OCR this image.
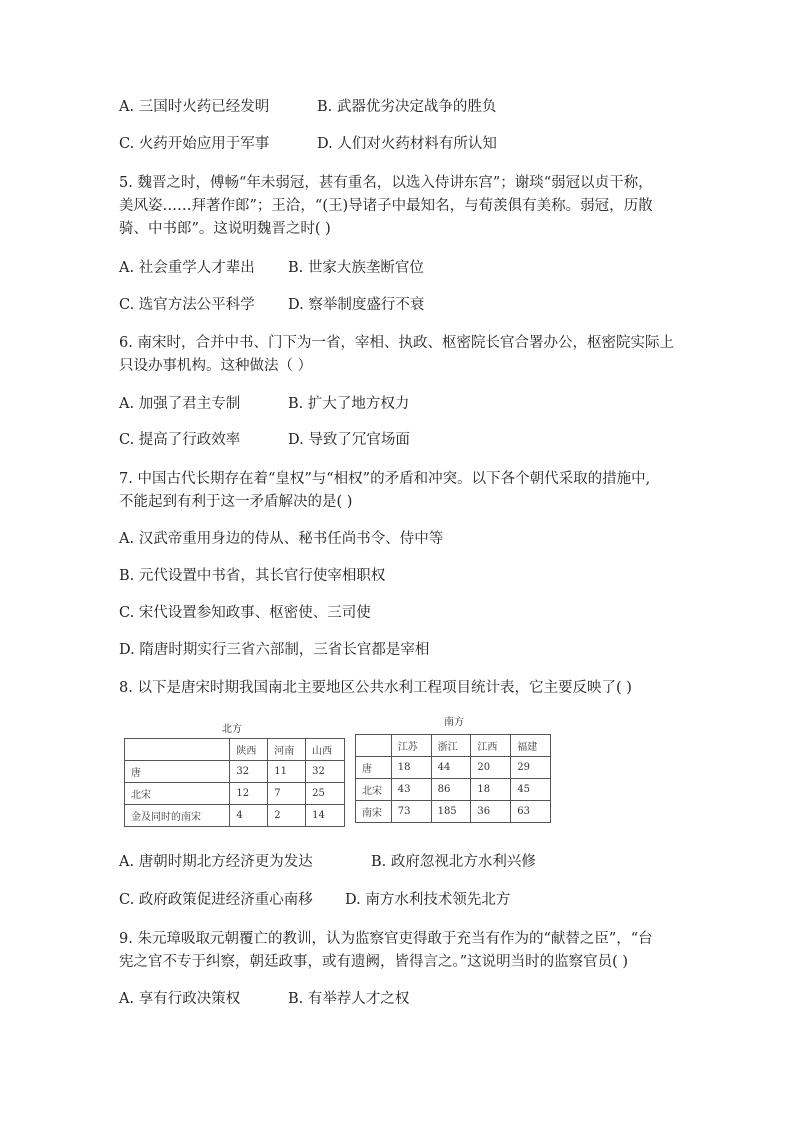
A. 三国时火药已经发明	B. 武器优劣决定战争的胜负
C. 火药开始应用于军事	D. 人们对火药材料有所认知
5. 魏晋之时，傅畅“年未弱冠，甚有重名，以选入侍讲东宫”；谢琰“弱冠以贞干称，
美风姿……拜著作郎”；王洽，“(王)导诸子中最知名，与荀羡俱有美称。弱冠，历散
骑、中书郎”。这说明魏晋之时( )
A. 社会重学人才辈出 B. 世家大族垄断官位
C. 选官方法公平科学 D. 察举制度盛行不衰
6. 南宋时，合并中书、门下为一省，宰相、执政、枢密院长官合署办公，枢密院实际上
只设办事机构。这种做法（ ）
A. 加强了君主专制	B. 扩大了地方权力
C. 提高了行政效率	D. 导致了冗官场面
7. 中国古代长期存在着“皇权”与“相权”的矛盾和冲突。以下各个朝代采取的措施中,
不能起到有利于这一矛盾解决的是( )
A. 汉武帝重用身边的侍从、秘书任尚书令、侍中等
B. 元代设置中书省，其长官行使宰相职权
C. 宋代设置参知政事、枢密使、三司使
D. 隋唐时期实行三省六部制，三省长官都是宰相
8. 以下是唐宋时期我国南北主要地区公共水利工程项目统计表，它主要反映了( )
北方
	陕西	河南	山西
唐	32	11	32
北宋	12	7	25
金及同时的南宋	4	2	14
南方
	江苏	浙江	江西	福建
唐	18	44	20	29
北宋	43	86	18	45
南宋	73	185	36	63
A. 唐朝时期北方经济更为发达	B. 政府忽视北方水利兴修
C. 政府政策促进经济重心南移 D. 南方水利技术领先北方
9. 朱元璋吸取元朝覆亡的教训，认为监察官吏得敢于充当有作为的“献替之臣”，“台
宪之官不专于纠察，朝廷政事，或有遗阙，皆得言之。”这说明当时的监察官员( )
A. 享有行政决策权	B. 有举荐人才之权
